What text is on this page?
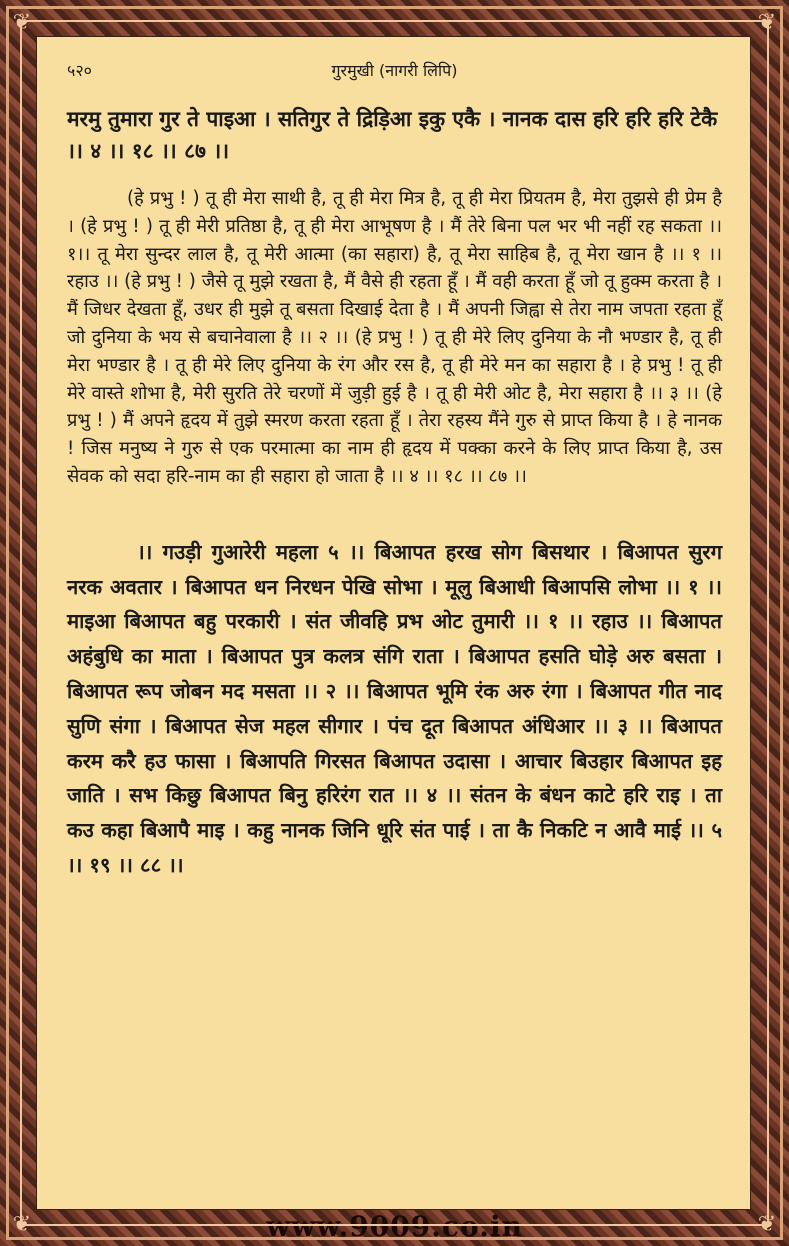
❦	❦
❦	❦
५२०	गुरमुखी (नागरी लिपि)
मरमु तुमारा गुर ते पाइआ । सतिगुर ते द्रिड़िआ इकु एकै । नानक दास हरि हरि हरि टेकै ।। ४ ।। १८ ।। ८७ ।।

(हे प्रभु ! ) तू ही मेरा साथी है, तू ही मेरा मित्र है, तू ही मेरा प्रियतम है, मेरा तुझसे ही प्रेम है । (हे प्रभु ! ) तू ही मेरी प्रतिष्ठा है, तू ही मेरा आभूषण है । मैं तेरे बिना पल भर भी नहीं रह सकता ।।१।। तू मेरा सुन्दर लाल है, तू मेरी आत्मा (का सहारा) है, तू मेरा साहिब है, तू मेरा खान है ।। १ ।। रहाउ ।। (हे प्रभु ! ) जैसे तू मुझे रखता है, मैं वैसे ही रहता हूँ । मैं वही करता हूँ जो तू हुक्म करता है । मैं जिधर देखता हूँ, उधर ही मुझे तू बसता दिखाई देता है । मैं अपनी जिह्वा से तेरा नाम जपता रहता हूँ जो दुनिया के भय से बचानेवाला है ।। २ ।। (हे प्रभु ! ) तू ही मेरे लिए दुनिया के नौ भण्डार है, तू ही मेरा भण्डार है । तू ही मेरे लिए दुनिया के रंग और रस है, तू ही मेरे मन का सहारा है । हे प्रभु ! तू ही मेरे वास्ते शोभा है, मेरी सुरति तेरे चरणों में जुड़ी हुई है । तू ही मेरी ओट है, मेरा सहारा है ।। ३ ।। (हे प्रभु ! ) मैं अपने हृदय में तुझे स्मरण करता रहता हूँ । तेरा रहस्य मैंने गुरु से प्राप्त किया है । हे नानक ! जिस मनुष्य ने गुरु से एक परमात्मा का नाम ही हृदय में पक्का करने के लिए प्राप्त किया है, उस सेवक को सदा हरि-नाम का ही सहारा हो जाता है ।। ४ ।। १८ ।। ८७ ।।

।। गउड़ी गुआरेरी महला ५ ।। बिआपत हरख सोग बिसथार । बिआपत सुरग नरक अवतार । बिआपत धन निरधन पेखि सोभा । मूलु बिआधी बिआपसि लोभा ।। १ ।। माइआ बिआपत बहु परकारी । संत जीवहि प्रभ ओट तुमारी ।। १ ।। रहाउ ।। बिआपत अहंबुधि का माता । बिआपत पुत्र कलत्र संगि राता । बिआपत हसति घोड़े अरु बसता । बिआपत रूप जोबन मद मसता ।। २ ।। बिआपत भूमि रंक अरु रंगा । बिआपत गीत नाद सुणि संगा । बिआपत सेज महल सीगार । पंच दूत बिआपत अंधिआर ।। ३ ।। बिआपत करम करै हउ फासा । बिआपति गिरसत बिआपत उदासा । आचार बिउहार बिआपत इह जाति । सभ किछु बिआपत बिनु हरिरंग रात ।। ४ ।। संतन के बंधन काटे हरि राइ । ता कउ कहा बिआपै माइ । कहु नानक जिनि धूरि संत पाई । ता कै निकटि न आवै माई ।। ५ ।। १९ ।। ८८ ।।

www.9009.co.in
